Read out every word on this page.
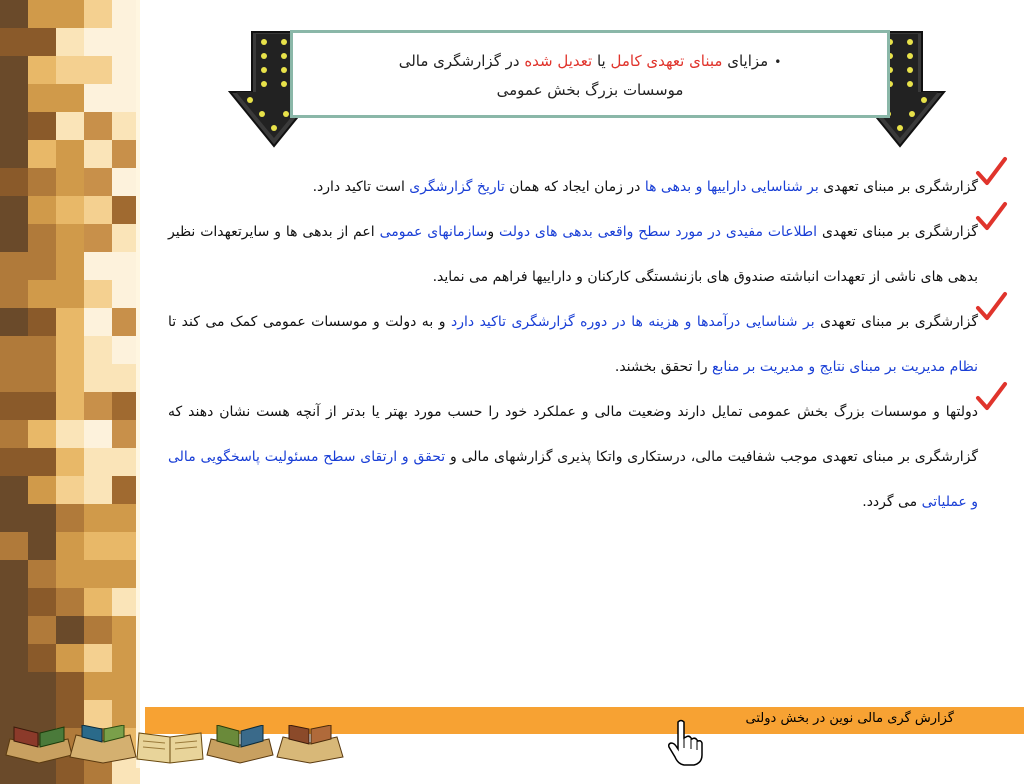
•مزایای مبنای تعهدی کامل یا تعدیل شده در گزارشگری مالی
موسسات بزرگ بخش عمومی
گزارشگری بر مبنای تعهدی بر شناسایی داراییها و بدهی ها در زمان ایجاد که همان تاریخ گزارشگری است تاکید دارد.
گزارشگری بر مبنای تعهدی اطلاعات مفیدی در مورد سطح واقعی بدهی های دولت وسازمانهای عمومی اعم از بدهی ها و سایرتعهدات نظیر بدهی های ناشی از تعهدات انباشته صندوق های بازنشستگی کارکنان و داراییها فراهم می نماید.
گزارشگری بر مبنای تعهدی بر شناسایی درآمدها و هزینه ها در دوره گزارشگری تاکید دارد و به دولت و موسسات عمومی کمک می کند تا نظام مدیریت بر مبنای نتایج و مدیریت بر منابع را تحقق بخشند.
دولتها و موسسات بزرگ بخش عمومی تمایل دارند وضعیت مالی و عملکرد خود را حسب مورد بهتر یا بدتر از آنچه هست نشان دهند که گزارشگری بر مبنای تعهدی موجب شفافیت مالی، درستکاری واتکا پذیری گزارشهای مالی و تحقق و ارتقای سطح مسئولیت پاسخگویی مالی و عملیاتی می گردد.
گزارش گری مالی نوین در بخش دولتی
